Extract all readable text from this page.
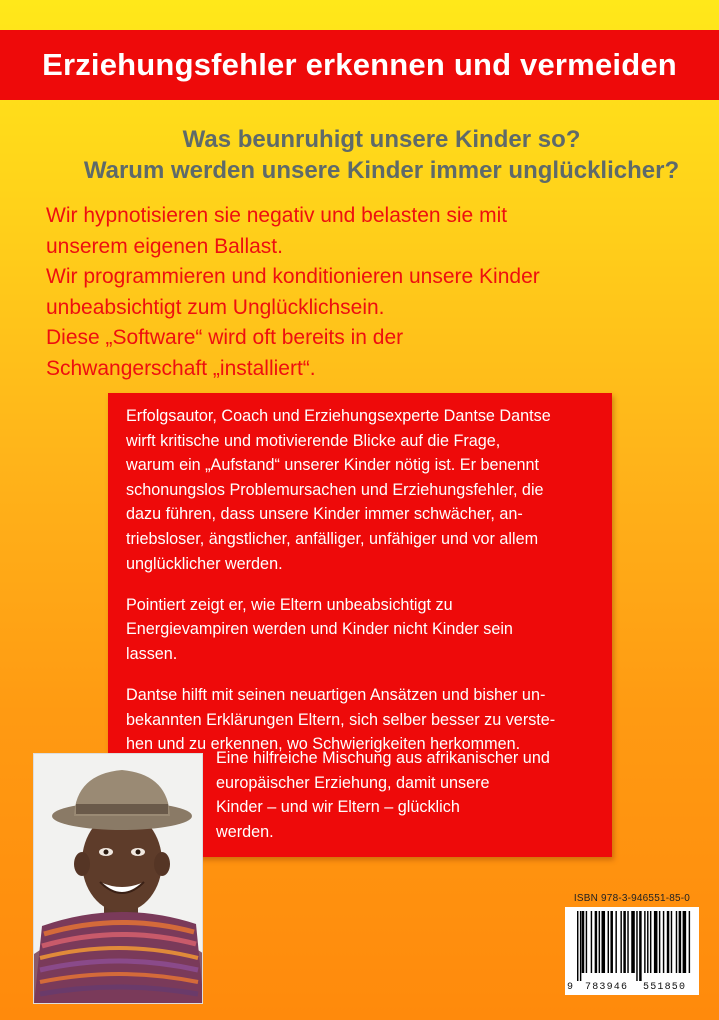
Erziehungsfehler erkennen und vermeiden
Was beunruhigt unsere Kinder so?
Warum werden unsere Kinder immer unglücklicher?
Wir hypnotisieren sie negativ und belasten sie mit
unserem eigenen Ballast.
Wir programmieren und konditionieren unsere Kinder
unbeabsichtigt zum Unglücklichsein.
Diese „Software“ wird oft bereits in der
Schwangerschaft „installiert“.

Erfolgsautor, Coach und Erziehungsexperte Dantse Dantse
wirft kritische und motivierende Blicke auf die Frage,
warum ein „Aufstand“ unserer Kinder nötig ist. Er benennt
schonungslos Problemursachen und Erziehungsfehler, die
dazu führen, dass unsere Kinder immer schwächer, an-
triebsloser, ängstlicher, anfälliger, unfähiger und vor allem
unglücklicher werden.

Pointiert zeigt er, wie Eltern unbeabsichtigt zu
Energievampiren werden und Kinder nicht Kinder sein
lassen.

Dantse hilft mit seinen neuartigen Ansätzen und bisher un-
bekannten Erklärungen Eltern, sich selber besser zu verste-
hen und zu erkennen, wo Schwierigkeiten herkommen.

Eine hilfreiche Mischung aus afrikanischer und
europäischer Erziehung, damit unsere
Kinder – und wir Eltern – glücklich
werden.

ISBN 978-3-946551-85-0
9 783946 551850
